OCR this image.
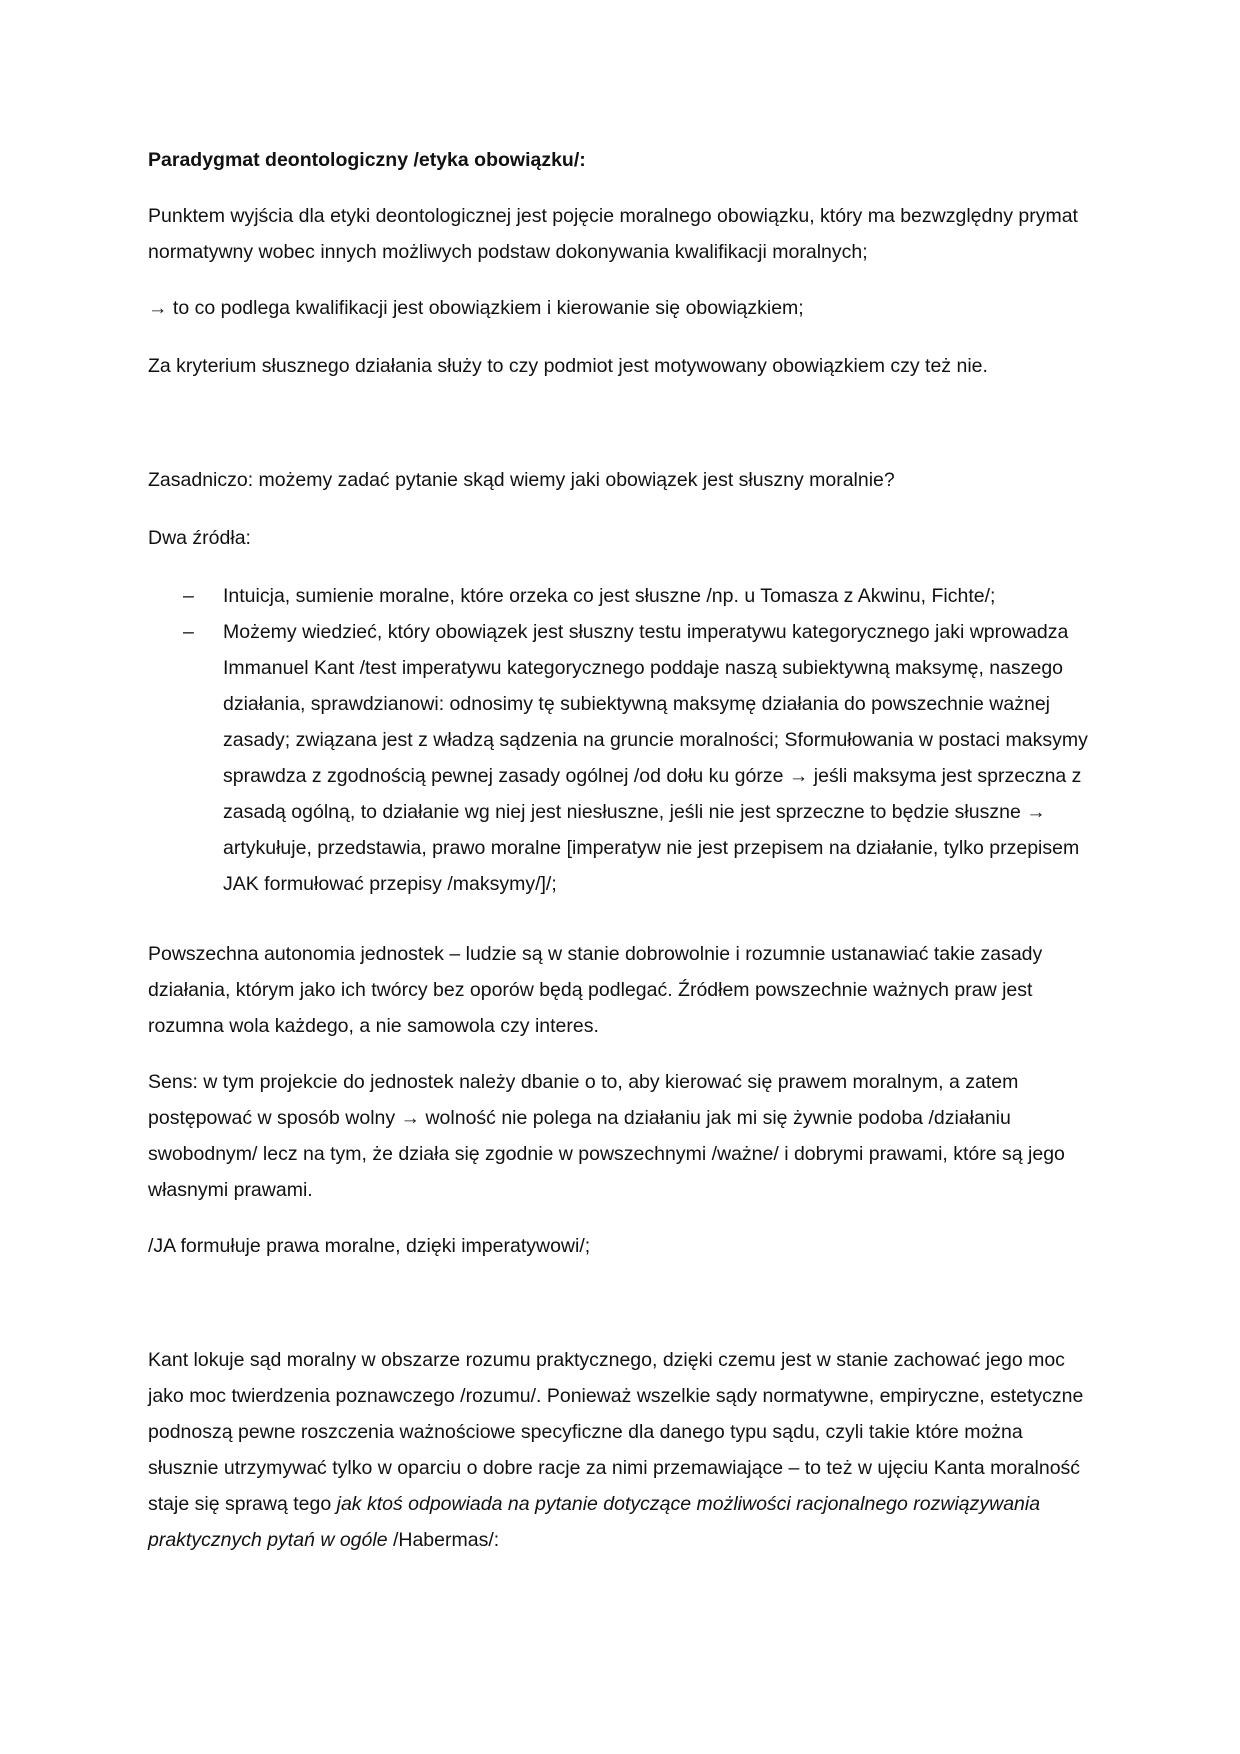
Paradygmat deontologiczny /etyka obowiązku/:

Punktem wyjścia dla etyki deontologicznej jest pojęcie moralnego obowiązku, który ma bezwzględny prymat normatywny wobec innych możliwych podstaw dokonywania kwalifikacji moralnych;

→ to co podlega kwalifikacji jest obowiązkiem i kierowanie się obowiązkiem;

Za kryterium słusznego działania służy to czy podmiot jest motywowany obowiązkiem czy też nie.

Zasadniczo: możemy zadać pytanie skąd wiemy jaki obowiązek jest słuszny moralnie?

Dwa źródła:

– Intuicja, sumienie moralne, które orzeka co jest słuszne /np. u Tomasza z Akwinu, Fichte/;
– Możemy wiedzieć, który obowiązek jest słuszny testu imperatywu kategorycznego jaki wprowadza Immanuel Kant /test imperatywu kategorycznego poddaje naszą subiektywną maksymę, naszego działania, sprawdzianowi: odnosimy tę subiektywną maksymę działania do powszechnie ważnej zasady; związana jest z władzą sądzenia na gruncie moralności; Sformułowania w postaci maksymy sprawdza z zgodnością pewnej zasady ogólnej /od dołu ku górze → jeśli maksyma jest sprzeczna z zasadą ogólną, to działanie wg niej jest niesłuszne, jeśli nie jest sprzeczne to będzie słuszne → artykułuje, przedstawia, prawo moralne [imperatyw nie jest przepisem na działanie, tylko przepisem JAK formułować przepisy /maksymy/]/;

Powszechna autonomia jednostek – ludzie są w stanie dobrowolnie i rozumnie ustanawiać takie zasady działania, którym jako ich twórcy bez oporów będą podlegać. Źródłem powszechnie ważnych praw jest rozumna wola każdego, a nie samowola czy interes.

Sens: w tym projekcie do jednostek należy dbanie o to, aby kierować się prawem moralnym, a zatem postępować w sposób wolny → wolność nie polega na działaniu jak mi się żywnie podoba /działaniu swobodnym/ lecz na tym, że działa się zgodnie w powszechnymi /ważne/ i dobrymi prawami, które są jego własnymi prawami.

/JA formułuje prawa moralne, dzięki imperatywowi/;

Kant lokuje sąd moralny w obszarze rozumu praktycznego, dzięki czemu jest w stanie zachować jego moc jako moc twierdzenia poznawczego /rozumu/. Ponieważ wszelkie sądy normatywne, empiryczne, estetyczne podnoszą pewne roszczenia ważnościowe specyficzne dla danego typu sądu, czyli takie które można słusznie utrzymywać tylko w oparciu o dobre racje za nimi przemawiające – to też w ujęciu Kanta moralność staje się sprawą tego jak ktoś odpowiada na pytanie dotyczące możliwości racjonalnego rozwiązywania praktycznych pytań w ogóle /Habermas/:
